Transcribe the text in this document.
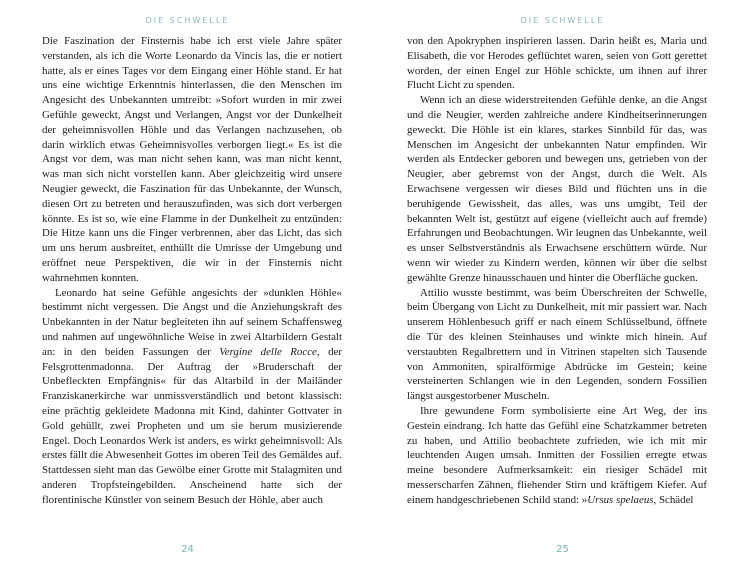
DIE SCHWELLE

Die Faszination der Finsternis habe ich erst viele Jahre später verstanden, als ich die Worte Leonardo da Vincis las, die er notiert hatte, als er eines Tages vor dem Eingang einer Höhle stand. Er hat uns eine wichtige Erkenntnis hinterlassen, die den Menschen im Angesicht des Unbekannten umtreibt: »Sofort wurden in mir zwei Gefühle geweckt, Angst und Verlangen, Angst vor der Dunkelheit der geheimnisvollen Höhle und das Verlangen nachzusehen, ob darin wirklich etwas Geheimnisvolles verborgen liegt.« Es ist die Angst vor dem, was man nicht sehen kann, was man nicht kennt, was man sich nicht vorstellen kann. Aber gleichzeitig wird unsere Neugier geweckt, die Faszination für das Unbekannte, der Wunsch, diesen Ort zu betreten und herauszufinden, was sich dort verbergen könnte. Es ist so, wie eine Flamme in der Dunkelheit zu entzünden: Die Hitze kann uns die Finger verbrennen, aber das Licht, das sich um uns herum ausbreitet, enthüllt die Umrisse der Umgebung und eröffnet neue Perspektiven, die wir in der Finsternis nicht wahrnehmen konnten.

Leonardo hat seine Gefühle angesichts der »dunklen Höhle« bestimmt nicht vergessen. Die Angst und die Anziehungskraft des Unbekannten in der Natur begleiteten ihn auf seinem Schaffensweg und nahmen auf ungewöhnliche Weise in zwei Altarbildern Gestalt an: in den beiden Fassungen der Vergine delle Rocce, der Felsgrottenmadonna. Der Auftrag der »Bruderschaft der Unbefleckten Empfängnis« für das Altarbild in der Mailänder Franziskanerkirche war unmissverständlich und betont klassisch: eine prächtig gekleidete Madonna mit Kind, dahinter Gottvater in Gold gehüllt, zwei Propheten und um sie herum musizierende Engel. Doch Leonardos Werk ist anders, es wirkt geheimnisvoll: Als erstes fällt die Abwesenheit Gottes im oberen Teil des Gemäldes auf. Stattdessen sieht man das Gewölbe einer Grotte mit Stalagmiten und anderen Tropfsteingebilden. Anscheinend hatte sich der florentinische Künstler von seinem Besuch der Höhle, aber auch

24
DIE SCHWELLE

von den Apokryphen inspirieren lassen. Darin heißt es, Maria und Elisabeth, die vor Herodes geflüchtet waren, seien von Gott gerettet worden, der einen Engel zur Höhle schickte, um ihnen auf ihrer Flucht Licht zu spenden.

Wenn ich an diese widerstreitenden Gefühle denke, an die Angst und die Neugier, werden zahlreiche andere Kindheitserinnerungen geweckt. Die Höhle ist ein klares, starkes Sinnbild für das, was Menschen im Angesicht der unbekannten Natur empfinden. Wir werden als Entdecker geboren und bewegen uns, getrieben von der Neugier, aber gebremst von der Angst, durch die Welt. Als Erwachsene vergessen wir dieses Bild und flüchten uns in die beruhigende Gewissheit, das alles, was uns umgibt, Teil der bekannten Welt ist, gestützt auf eigene (vielleicht auch auf fremde) Erfahrungen und Beobachtungen. Wir leugnen das Unbekannte, weil es unser Selbstverständnis als Erwachsene erschüttern würde. Nur wenn wir wieder zu Kindern werden, können wir über die selbst gewählte Grenze hinausschauen und hinter die Oberfläche gucken.

Attilio wusste bestimmt, was beim Überschreiten der Schwelle, beim Übergang von Licht zu Dunkelheit, mit mir passiert war. Nach unserem Höhlenbesuch griff er nach einem Schlüsselbund, öffnete die Tür des kleinen Steinhauses und winkte mich hinein. Auf verstaubten Regalbrettern und in Vitrinen stapelten sich Tausende von Ammoniten, spiralförmige Abdrücke im Gestein; keine versteinerten Schlangen wie in den Legenden, sondern Fossilien längst ausgestorbener Muscheln.

Ihre gewundene Form symbolisierte eine Art Weg, der ins Gestein eindrang. Ich hatte das Gefühl eine Schatzkammer betreten zu haben, und Attilio beobachtete zufrieden, wie ich mit mir leuchtenden Augen umsah. Inmitten der Fossilien erregte etwas meine besondere Aufmerksamkeit: ein riesiger Schädel mit messerscharfen Zähnen, fliehender Stirn und kräftigem Kiefer. Auf einem handgeschriebenen Schild stand: »Ursus spelaeus, Schädel

25
